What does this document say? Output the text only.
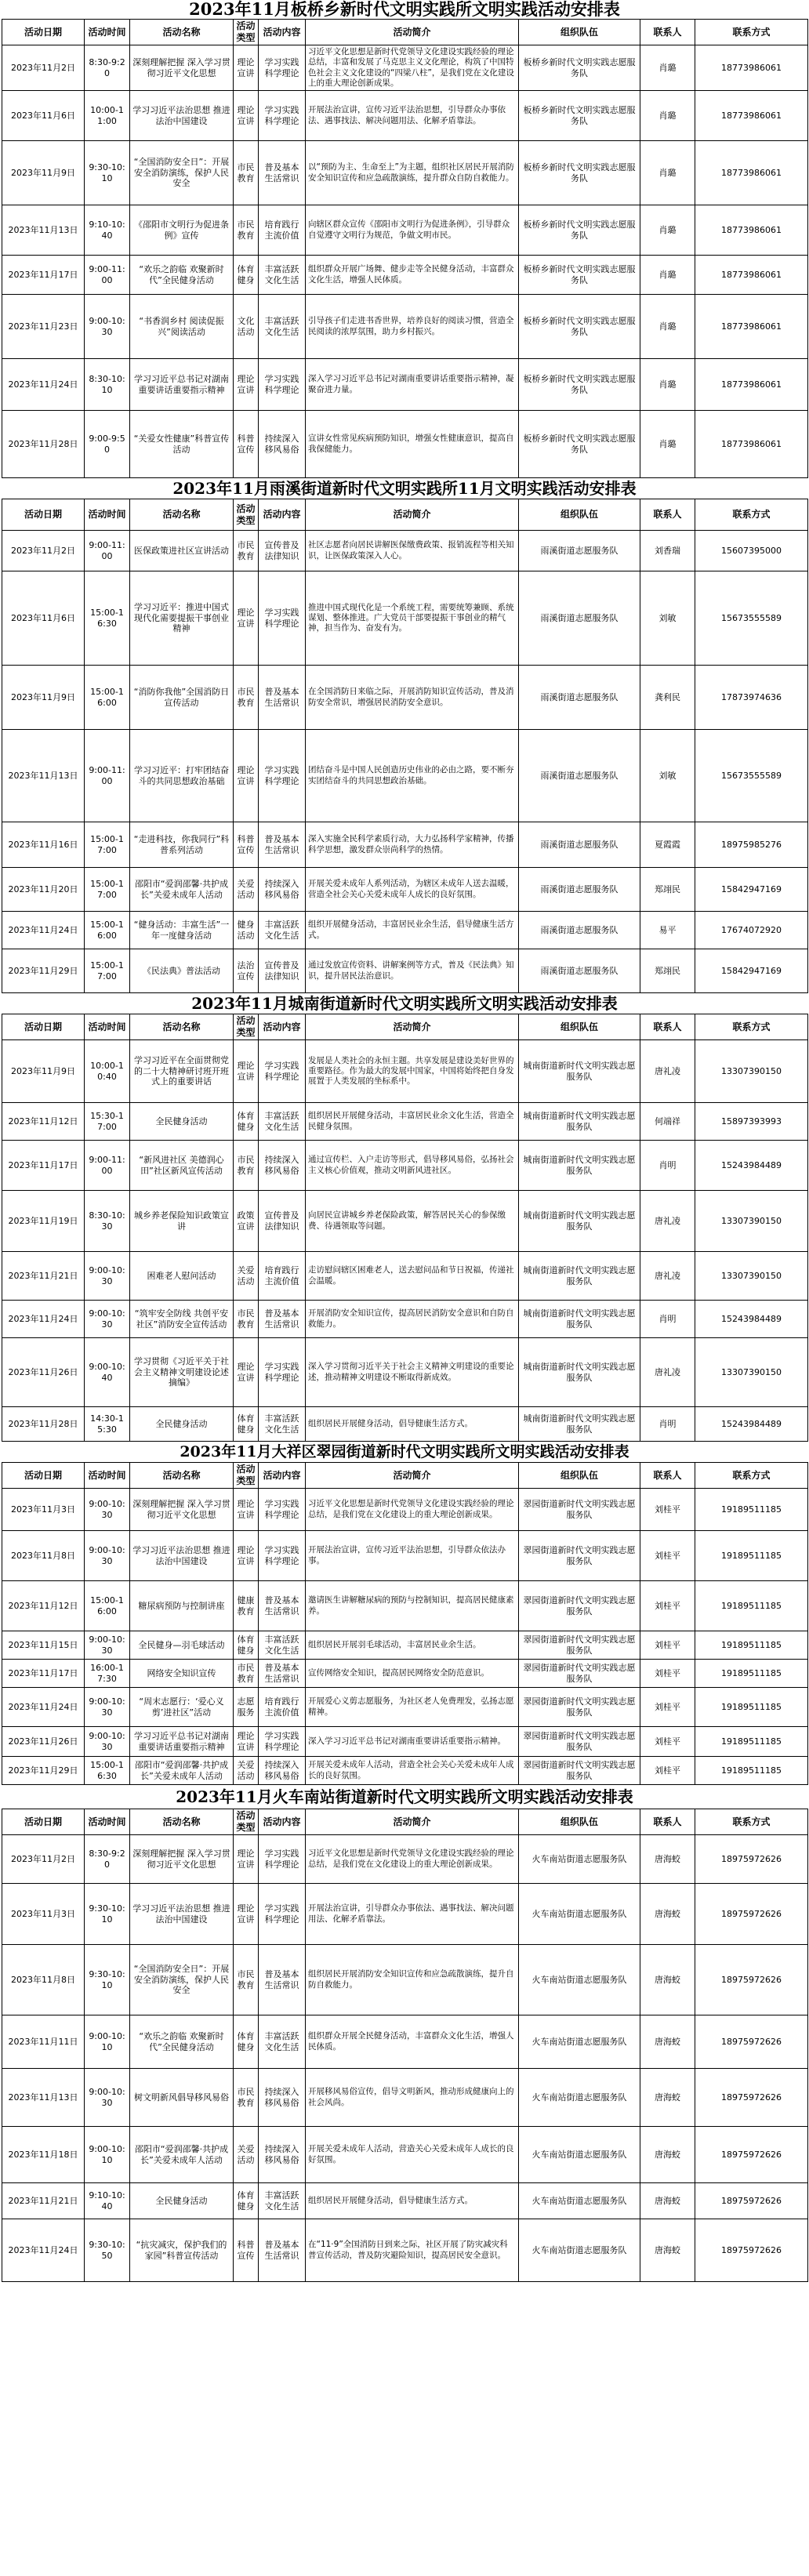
2023年11月板桥乡新时代文明实践所文明实践活动安排表
活动日期	活动时间	活动名称	活动类型	活动内容	活动简介	组织队伍	联系人	联系方式
2023年11月2日	8:30-9:20	深刻理解把握 深入学习贯彻习近平文化思想	理论宣讲	学习实践科学理论	习近平文化思想是新时代党领导文化建设实践经验的理论总结，丰富和发展了马克思主义文化理论，构筑了中国特色社会主义文化建设的“四梁八柱”，是我们党在文化建设上的重大理论创新成果。	板桥乡新时代文明实践志愿服务队	肖璐	18773986061
2023年11月6日	10:00-11:00	学习习近平法治思想 推进法治中国建设	理论宣讲	学习实践科学理论	开展法治宣讲，宣传习近平法治思想，引导群众办事依法、遇事找法、解决问题用法、化解矛盾靠法。	板桥乡新时代文明实践志愿服务队	肖璐	18773986061
2023年11月9日	9:30-10:10	“全国消防安全日”：开展安全消防演练，保护人民安全	市民教育	普及基本生活常识	以“预防为主、生命至上”为主题，组织社区居民开展消防安全知识宣传和应急疏散演练，提升群众自防自救能力。	板桥乡新时代文明实践志愿服务队	肖璐	18773986061
2023年11月13日	9:10-10:40	《邵阳市文明行为促进条例》宣传	市民教育	培育践行主流价值	向辖区群众宣传《邵阳市文明行为促进条例》，引导群众自觉遵守文明行为规范，争做文明市民。	板桥乡新时代文明实践志愿服务队	肖璐	18773986061
2023年11月17日	9:00-11:00	“欢乐之韵临 欢聚新时代”全民健身活动	体育健身	丰富活跃文化生活	组织群众开展广场舞、健步走等全民健身活动，丰富群众文化生活，增强人民体质。	板桥乡新时代文明实践志愿服务队	肖璐	18773986061
2023年11月23日	9:00-10:30	“书香润乡村 阅读促振兴”阅读活动	文化活动	丰富活跃文化生活	引导孩子们走进书香世界，培养良好的阅读习惯，营造全民阅读的浓厚氛围，助力乡村振兴。	板桥乡新时代文明实践志愿服务队	肖璐	18773986061
2023年11月24日	8:30-10:10	学习习近平总书记对湖南重要讲话重要指示精神	理论宣讲	学习实践科学理论	深入学习习近平总书记对湖南重要讲话重要指示精神，凝聚奋进力量。	板桥乡新时代文明实践志愿服务队	肖璐	18773986061
2023年11月28日	9:00-9:50	“关爱女性健康”科普宣传活动	科普宣传	持续深入移风易俗	宣讲女性常见疾病预防知识，增强女性健康意识，提高自我保健能力。	板桥乡新时代文明实践志愿服务队	肖璐	18773986061
2023年11月雨溪街道新时代文明实践所11月文明实践活动安排表
活动日期	活动时间	活动名称	活动类型	活动内容	活动简介	组织队伍	联系人	联系方式
2023年11月2日	9:00-11:00	医保政策进社区宣讲活动	市民教育	宣传普及法律知识	社区志愿者向居民讲解医保缴费政策、报销流程等相关知识，让医保政策深入人心。	雨溪街道志愿服务队	刘香瑞	15607395000
2023年11月6日	15:00-16:30	学习习近平：推进中国式现代化需要提振干事创业精神	理论宣讲	学习实践科学理论	推进中国式现代化是一个系统工程，需要统筹兼顾、系统谋划、整体推进。广大党员干部要提振干事创业的精气神，担当作为、奋发有为。	雨溪街道志愿服务队	刘敏	15673555589
2023年11月9日	15:00-16:00	“消防你我他”全国消防日宣传活动	市民教育	普及基本生活常识	在全国消防日来临之际，开展消防知识宣传活动，普及消防安全常识，增强居民消防安全意识。	雨溪街道志愿服务队	龚利民	17873974636
2023年11月13日	9:00-11:00	学习习近平：打牢团结奋斗的共同思想政治基础	理论宣讲	学习实践科学理论	团结奋斗是中国人民创造历史伟业的必由之路，要不断夯实团结奋斗的共同思想政治基础。	雨溪街道志愿服务队	刘敏	15673555589
2023年11月16日	15:00-17:00	“走进科技，你我同行”科普系列活动	科普宣传	普及基本生活常识	深入实施全民科学素质行动，大力弘扬科学家精神，传播科学思想，激发群众崇尚科学的热情。	雨溪街道志愿服务队	夏霞霞	18975985276
2023年11月20日	15:00-17:00	邵阳市“爱润邵馨·共护成长”关爱未成年人活动	关爱活动	持续深入移风易俗	开展关爱未成年人系列活动，为辖区未成年人送去温暖，营造全社会关心关爱未成年人成长的良好氛围。	雨溪街道志愿服务队	郑翊民	15842947169
2023年11月24日	15:00-16:00	“健身活动：丰富生活”一年一度健身活动	健身活动	丰富活跃文化生活	组织开展健身活动，丰富居民业余生活，倡导健康生活方式。	雨溪街道志愿服务队	易平	17674072920
2023年11月29日	15:00-17:00	《民法典》普法活动	法治宣传	宣传普及法律知识	通过发放宣传资料、讲解案例等方式，普及《民法典》知识，提升居民法治意识。	雨溪街道志愿服务队	郑翊民	15842947169
2023年11月城南街道新时代文明实践所文明实践活动安排表
活动日期	活动时间	活动名称	活动类型	活动内容	活动简介	组织队伍	联系人	联系方式
2023年11月9日	10:00-10:40	学习习近平在全面贯彻党的二十大精神研讨班开班式上的重要讲话	理论宣讲	学习实践科学理论	发展是人类社会的永恒主题。共享发展是建设美好世界的重要路径。作为最大的发展中国家，中国将始终把自身发展置于人类发展的坐标系中。	城南街道新时代文明实践志愿服务队	唐礼凌	13307390150
2023年11月12日	15:30-17:00	全民健身活动	体育健身	丰富活跃文化生活	组织居民开展健身活动，丰富居民业余文化生活，营造全民健身氛围。	城南街道新时代文明实践志愿服务队	何端祥	15897393993
2023年11月17日	9:00-11:00	“新风进社区 美德润心田”社区新风宣传活动	市民教育	持续深入移风易俗	通过宣传栏、入户走访等形式，倡导移风易俗，弘扬社会主义核心价值观，推动文明新风进社区。	城南街道新时代文明实践志愿服务队	肖明	15243984489
2023年11月19日	8:30-10:30	城乡养老保险知识政策宣讲	政策宣讲	宣传普及法律知识	向居民宣讲城乡养老保险政策，解答居民关心的参保缴费、待遇领取等问题。	城南街道新时代文明实践志愿服务队	唐礼凌	13307390150
2023年11月21日	9:00-10:30	困难老人慰问活动	关爱活动	培育践行主流价值	走访慰问辖区困难老人，送去慰问品和节日祝福，传递社会温暖。	城南街道新时代文明实践志愿服务队	唐礼凌	13307390150
2023年11月24日	9:00-10:30	“筑牢安全防线 共创平安社区”消防安全宣传活动	市民教育	普及基本生活常识	开展消防安全知识宣传，提高居民消防安全意识和自防自救能力。	城南街道新时代文明实践志愿服务队	肖明	15243984489
2023年11月26日	9:00-10:40	学习贯彻《习近平关于社会主义精神文明建设论述摘编》	理论宣讲	学习实践科学理论	深入学习贯彻习近平关于社会主义精神文明建设的重要论述，推动精神文明建设不断取得新成效。	城南街道新时代文明实践志愿服务队	唐礼凌	13307390150
2023年11月28日	14:30-15:30	全民健身活动	体育健身	丰富活跃文化生活	组织居民开展健身活动，倡导健康生活方式。	城南街道新时代文明实践志愿服务队	肖明	15243984489
2023年11月大祥区翠园街道新时代文明实践所文明实践活动安排表
活动日期	活动时间	活动名称	活动类型	活动内容	活动简介	组织队伍	联系人	联系方式
2023年11月3日	9:00-10:30	深刻理解把握 深入学习贯彻习近平文化思想	理论宣讲	学习实践科学理论	习近平文化思想是新时代党领导文化建设实践经验的理论总结，是我们党在文化建设上的重大理论创新成果。	翠园街道新时代文明实践志愿服务队	刘桂平	19189511185
2023年11月8日	9:00-10:30	学习习近平法治思想 推进法治中国建设	理论宣讲	学习实践科学理论	开展法治宣讲，宣传习近平法治思想，引导群众依法办事。	翠园街道新时代文明实践志愿服务队	刘桂平	19189511185
2023年11月12日	15:00-16:00	糖尿病预防与控制讲座	健康教育	普及基本生活常识	邀请医生讲解糖尿病的预防与控制知识，提高居民健康素养。	翠园街道新时代文明实践志愿服务队	刘桂平	19189511185
2023年11月15日	9:00-10:30	全民健身—羽毛球活动	体育健身	丰富活跃文化生活	组织居民开展羽毛球活动，丰富居民业余生活。	翠园街道新时代文明实践志愿服务队	刘桂平	19189511185
2023年11月17日	16:00-17:30	网络安全知识宣传	市民教育	普及基本生活常识	宣传网络安全知识，提高居民网络安全防范意识。	翠园街道新时代文明实践志愿服务队	刘桂平	19189511185
2023年11月24日	9:00-10:30	“周末志愿行：‘爱心义剪’进社区”活动	志愿服务	培育践行主流价值	开展爱心义剪志愿服务，为社区老人免费理发，弘扬志愿精神。	翠园街道新时代文明实践志愿服务队	刘桂平	19189511185
2023年11月26日	9:00-10:30	学习习近平总书记对湖南重要讲话重要指示精神	理论宣讲	学习实践科学理论	深入学习习近平总书记对湖南重要讲话重要指示精神。	翠园街道新时代文明实践志愿服务队	刘桂平	19189511185
2023年11月29日	15:00-16:30	邵阳市“爱润邵馨·共护成长”关爱未成年人活动	关爱活动	持续深入移风易俗	开展关爱未成年人活动，营造全社会关心关爱未成年人成长的良好氛围。	翠园街道新时代文明实践志愿服务队	刘桂平	19189511185
2023年11月火车南站街道新时代文明实践所文明实践活动安排表
活动日期	活动时间	活动名称	活动类型	活动内容	活动简介	组织队伍	联系人	联系方式
2023年11月2日	8:30-9:20	深刻理解把握 深入学习贯彻习近平文化思想	理论宣讲	学习实践科学理论	习近平文化思想是新时代党领导文化建设实践经验的理论总结，是我们党在文化建设上的重大理论创新成果。	火车南站街道志愿服务队	唐海蛟	18975972626
2023年11月3日	9:30-10:10	学习习近平法治思想 推进法治中国建设	理论宣讲	学习实践科学理论	开展法治宣讲，引导群众办事依法、遇事找法、解决问题用法、化解矛盾靠法。	火车南站街道志愿服务队	唐海蛟	18975972626
2023年11月8日	9:30-10:10	“全国消防安全日”：开展安全消防演练，保护人民安全	市民教育	普及基本生活常识	组织居民开展消防安全知识宣传和应急疏散演练，提升自防自救能力。	火车南站街道志愿服务队	唐海蛟	18975972626
2023年11月11日	9:00-10:10	“欢乐之韵临 欢聚新时代”全民健身活动	体育健身	丰富活跃文化生活	组织群众开展全民健身活动，丰富群众文化生活，增强人民体质。	火车南站街道志愿服务队	唐海蛟	18975972626
2023年11月13日	9:00-10:30	树文明新风倡导移风易俗	市民教育	持续深入移风易俗	开展移风易俗宣传，倡导文明新风，推动形成健康向上的社会风尚。	火车南站街道志愿服务队	唐海蛟	18975972626
2023年11月18日	9:00-10:10	邵阳市“爱润邵馨·共护成长”关爱未成年人活动	关爱活动	持续深入移风易俗	开展关爱未成年人活动，营造关心关爱未成年人成长的良好氛围。	火车南站街道志愿服务队	唐海蛟	18975972626
2023年11月21日	9:10-10:40	全民健身活动	体育健身	丰富活跃文化生活	组织居民开展健身活动，倡导健康生活方式。	火车南站街道志愿服务队	唐海蛟	18975972626
2023年11月24日	9:30-10:50	“抗灾减灾，保护我们的家园”科普宣传活动	科普宣传	普及基本生活常识	在“11·9”全国消防日到来之际，社区开展了防灾减灾科普宣传活动，普及防灾避险知识，提高居民安全意识。	火车南站街道志愿服务队	唐海蛟	18975972626
